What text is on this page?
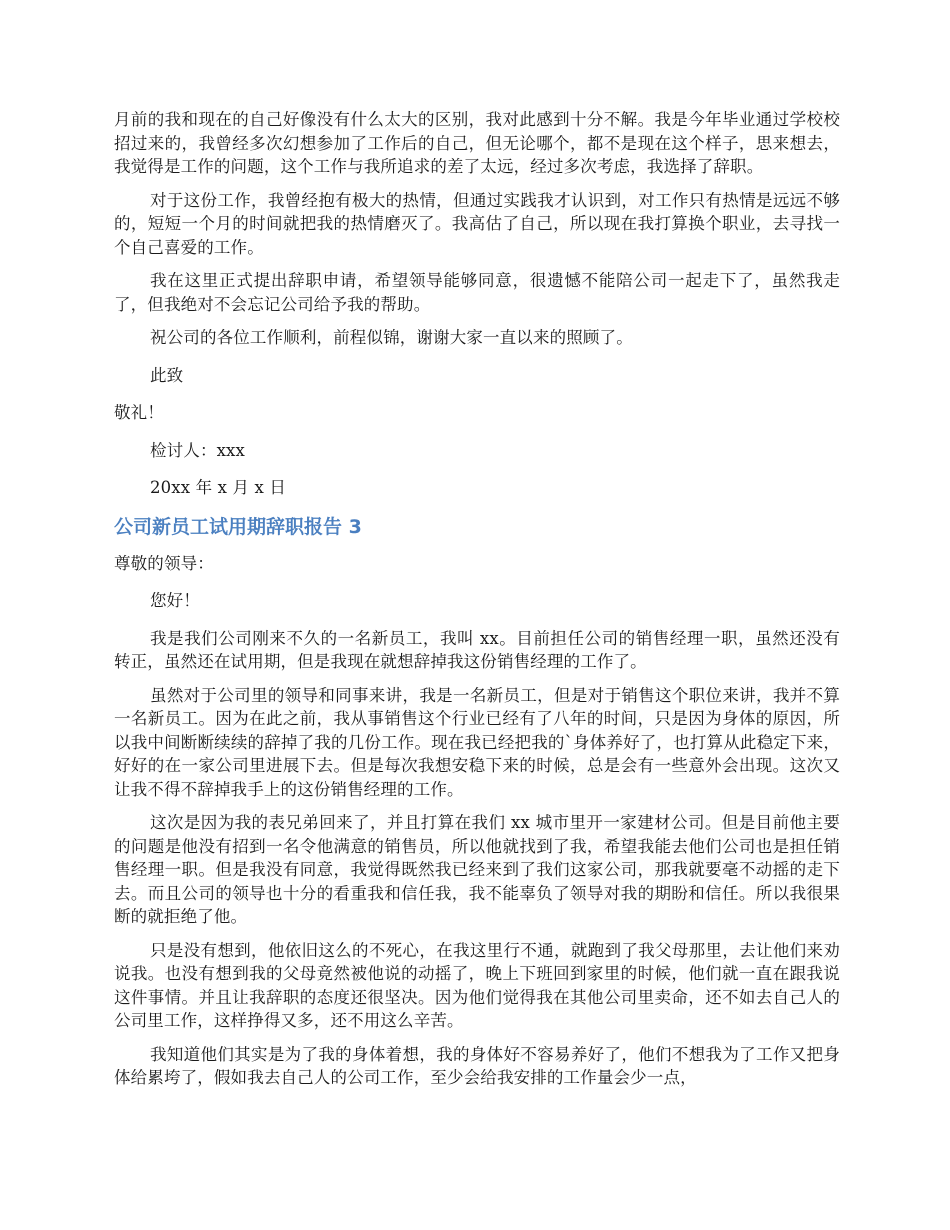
月前的我和现在的自己好像没有什么太大的区别，我对此感到十分不解。我是今年毕业通过学校校招过来的，我曾经多次幻想参加了工作后的自己，但无论哪个，都不是现在这个样子，思来想去，我觉得是工作的问题，这个工作与我所追求的差了太远，经过多次考虑，我选择了辞职。

对于这份工作，我曾经抱有极大的热情，但通过实践我才认识到，对工作只有热情是远远不够的，短短一个月的时间就把我的热情磨灭了。我高估了自己，所以现在我打算换个职业，去寻找一个自己喜爱的工作。

我在这里正式提出辞职申请，希望领导能够同意，很遗憾不能陪公司一起走下了，虽然我走了，但我绝对不会忘记公司给予我的帮助。

祝公司的各位工作顺利，前程似锦，谢谢大家一直以来的照顾了。

此致

敬礼！

检讨人：xxx

20xx 年 x 月 x 日

公司新员工试用期辞职报告 3

尊敬的领导：

您好！

我是我们公司刚来不久的一名新员工，我叫 xx。目前担任公司的销售经理一职，虽然还没有转正，虽然还在试用期，但是我现在就想辞掉我这份销售经理的工作了。

虽然对于公司里的领导和同事来讲，我是一名新员工，但是对于销售这个职位来讲，我并不算一名新员工。因为在此之前，我从事销售这个行业已经有了八年的时间，只是因为身体的原因，所以我中间断断续续的辞掉了我的几份工作。现在我已经把我的`身体养好了，也打算从此稳定下来，好好的在一家公司里进展下去。但是每次我想安稳下来的时候，总是会有一些意外会出现。这次又让我不得不辞掉我手上的这份销售经理的工作。

这次是因为我的表兄弟回来了，并且打算在我们 xx 城市里开一家建材公司。但是目前他主要的问题是他没有招到一名令他满意的销售员，所以他就找到了我，希望我能去他们公司也是担任销售经理一职。但是我没有同意，我觉得既然我已经来到了我们这家公司，那我就要毫不动摇的走下去。而且公司的领导也十分的看重我和信任我，我不能辜负了领导对我的期盼和信任。所以我很果断的就拒绝了他。

只是没有想到，他依旧这么的不死心，在我这里行不通，就跑到了我父母那里，去让他们来劝说我。也没有想到我的父母竟然被他说的动摇了，晚上下班回到家里的时候，他们就一直在跟我说这件事情。并且让我辞职的态度还很坚决。因为他们觉得我在其他公司里卖命，还不如去自己人的公司里工作，这样挣得又多，还不用这么辛苦。

我知道他们其实是为了我的身体着想，我的身体好不容易养好了，他们不想我为了工作又把身体给累垮了，假如我去自己人的公司工作，至少会给我安排的工作量会少一点，
